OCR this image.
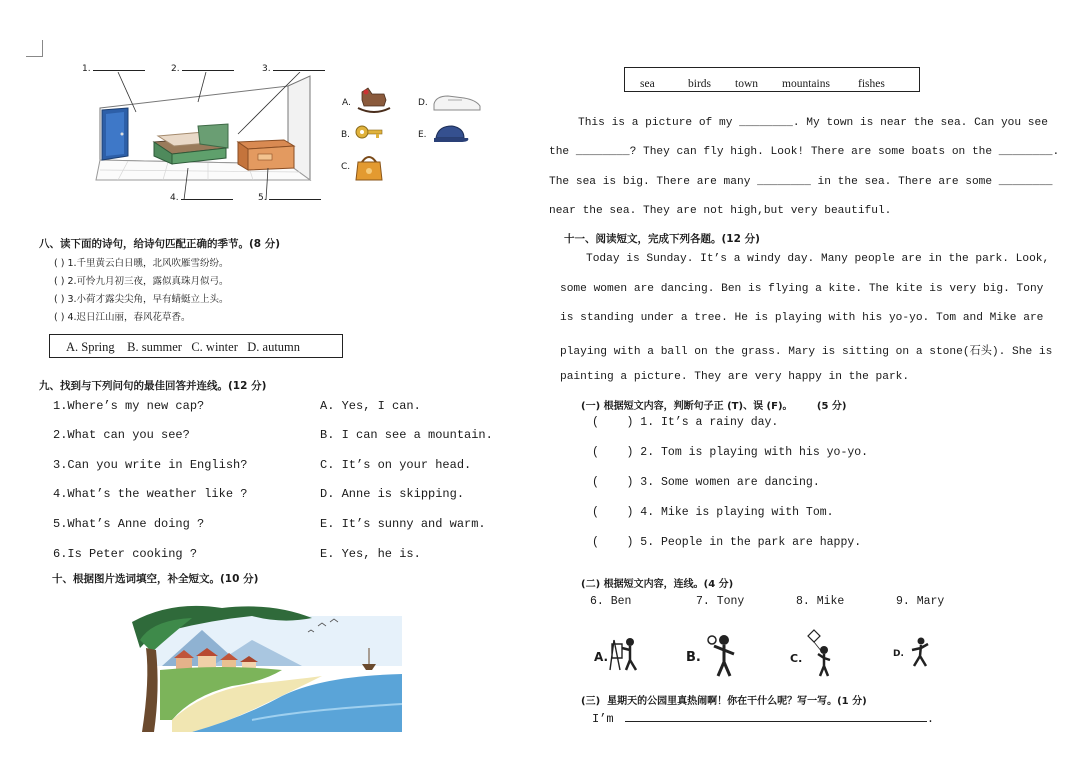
1.	2.	3.
4.	5.
A.
B.
C.
D.
E.
八、读下面的诗句，给诗句匹配正确的季节。(8 分)
( ) 1.千里黄云白日曛，北风吹雁雪纷纷。
( ) 2.可怜九月初三夜，露似真珠月似弓。
( ) 3.小荷才露尖尖角，早有蜻蜓立上头。
( ) 4.迟日江山丽，春风花草香。
A. Spring    B. summer   C. winter   D. autumn
九、找到与下列问句的最佳回答并连线。(12 分)
1.Where’s my new cap?
2.What can you see?
3.Can you write in English?
4.What’s the weather like ?
5.What’s Anne doing ?
6.Is Peter cooking ?
A. Yes, I can.
B. I can see a mountain.
C. It’s on your head.
D. Anne is skipping.
E. It’s sunny and warm.
E. Yes, he is.
十、根据图片选词填空，补全短文。(10 分)
sea	birds town mountains fishes
This is a picture of my ________. My town is near the sea. Can you see
the ________? They can fly high. Look! There are some boats on the ________.
The sea is big. There are many ________ in the sea. There are some ________
near the sea. They are not high,but very beautiful.
十一、阅读短文，完成下列各题。(12 分)
Today is Sunday. It’s a windy day. Many people are in the park. Look,
some women are dancing. Ben is flying a kite. The kite is very big. Tony
is standing under a tree. He is playing with his yo-yo. Tom and Mike are
playing with a ball on the grass. Mary is sitting on a stone(石头). She is
painting a picture. They are very happy in the park.
(一) 根据短文内容，判断句子正 (T)、误 (F)。       (5 分)
(    ) 1. It’s a rainy day.
(    ) 2. Tom is playing with his yo-yo.
(    ) 3. Some women are dancing.
(    ) 4. Mike is playing with Tom.
(    ) 5. People in the park are happy.
(二) 根据短文内容，连线。(4 分)
6. Ben	7. Tony	8. Mike	9. Mary
A.	B.	C.	D.
(三)  星期天的公园里真热闹啊！你在干什么呢？写一写。(1 分)
I’m	.
